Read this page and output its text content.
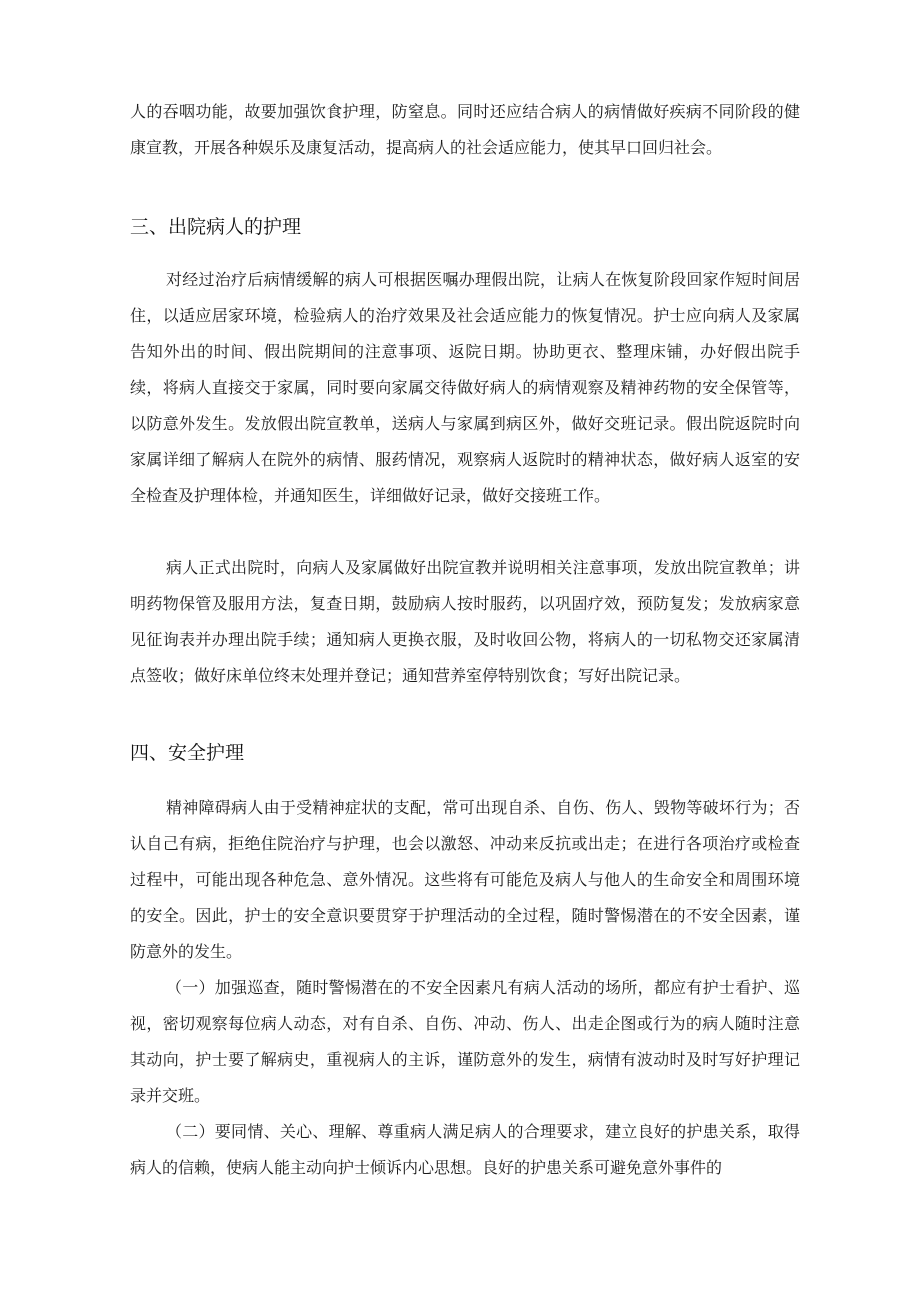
人的吞咽功能，故要加强饮食护理，防窒息。同时还应结合病人的病情做好疾病不同阶段的健康宣教，开展各种娱乐及康复活动，提高病人的社会适应能力，使其早口回归社会。

三、出院病人的护理

对经过治疗后病情缓解的病人可根据医嘱办理假出院，让病人在恢复阶段回家作短时间居住，以适应居家环境，检验病人的治疗效果及社会适应能力的恢复情况。护士应向病人及家属告知外出的时间、假出院期间的注意事项、返院日期。协助更衣、整理床铺，办好假出院手续，将病人直接交于家属，同时要向家属交待做好病人的病情观察及精神药物的安全保管等，以防意外发生。发放假出院宣教单，送病人与家属到病区外，做好交班记录。假出院返院时向家属详细了解病人在院外的病情、服药情况，观察病人返院时的精神状态，做好病人返室的安全检查及护理体检，并通知医生，详细做好记录，做好交接班工作。

病人正式出院时，向病人及家属做好出院宣教并说明相关注意事项，发放出院宣教单；讲明药物保管及服用方法，复查日期，鼓励病人按时服药，以巩固疗效，预防复发；发放病家意见征询表并办理出院手续；通知病人更换衣服，及时收回公物，将病人的一切私物交还家属清点签收；做好床单位终末处理并登记；通知营养室停特别饮食；写好出院记录。

四、安全护理

精神障碍病人由于受精神症状的支配，常可出现自杀、自伤、伤人、毁物等破坏行为；否认自己有病，拒绝住院治疗与护理，也会以激怒、冲动来反抗或出走；在进行各项治疗或检查过程中，可能出现各种危急、意外情况。这些将有可能危及病人与他人的生命安全和周围环境的安全。因此，护士的安全意识要贯穿于护理活动的全过程，随时警惕潜在的不安全因素，谨防意外的发生。

（一）加强巡查，随时警惕潜在的不安全因素凡有病人活动的场所，都应有护士看护、巡视，密切观察每位病人动态，对有自杀、自伤、冲动、伤人、出走企图或行为的病人随时注意其动向，护士要了解病史，重视病人的主诉，谨防意外的发生，病情有波动时及时写好护理记录并交班。

（二）要同情、关心、理解、尊重病人满足病人的合理要求，建立良好的护患关系，取得病人的信赖，使病人能主动向护士倾诉内心思想。良好的护患关系可避免意外事件的
